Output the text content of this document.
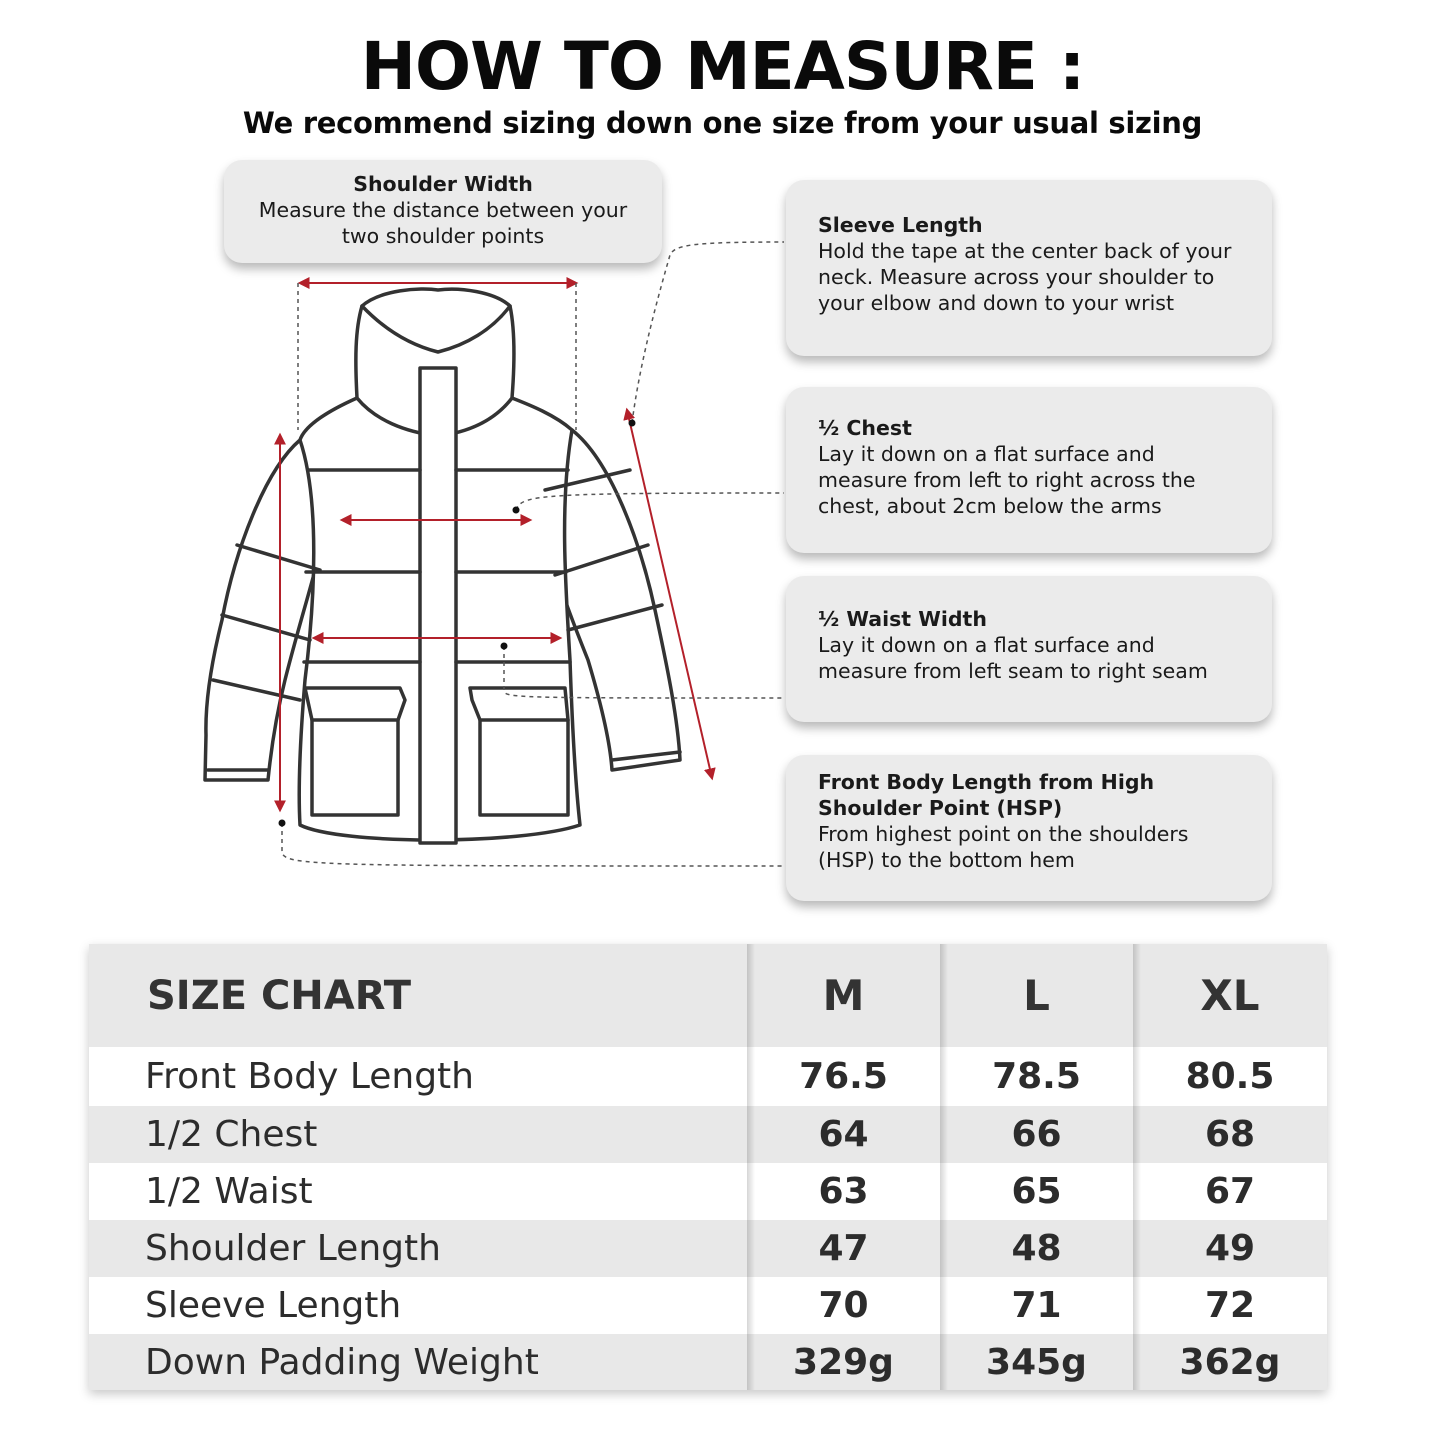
HOW TO MEASURE :
We recommend sizing down one size from your usual sizing
Shoulder Width
Measure the distance between your
two shoulder points	Sleeve Length
Hold the tape at the center back of your
neck. Measure across your shoulder to
your elbow and down to your wrist
½ Chest
Lay it down on a flat surface and
measure from left to right across the
chest, about 2cm below the arms
½ Waist Width
Lay it down on a flat surface and
measure from left seam to right seam
Front Body Length from High
Shoulder Point (HSP)
From highest point on the shoulders
(HSP) to the bottom hem
SIZE CHART	M	L	XL
Front Body Length	76.5	78.5	80.5
1/2 Chest	64	66	68
1/2 Waist	63	65	67
Shoulder Length	47	48	49
Sleeve Length	70	71	72
Down Padding Weight	329g	345g	362g
